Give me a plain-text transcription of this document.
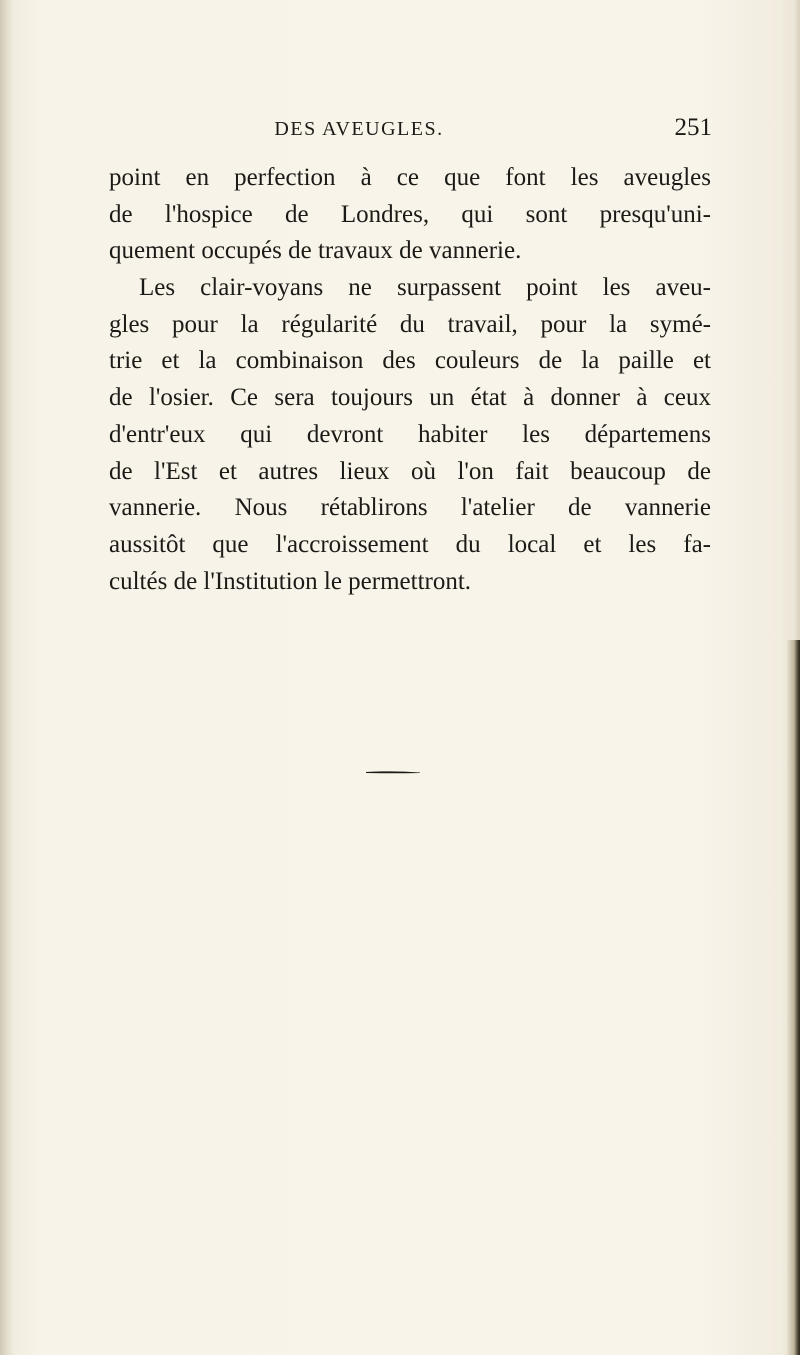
DES AVEUGLES.	251
point en perfection à ce que font les aveugles
de l'hospice de Londres, qui sont presqu'uni-
quement occupés de travaux de vannerie.
Les clair-voyans ne surpassent point les aveu-
gles pour la régularité du travail, pour la symé-
trie et la combinaison des couleurs de la paille et
de l'osier. Ce sera toujours un état à donner à ceux
d'entr'eux qui devront habiter les départemens
de l'Est et autres lieux où l'on fait beaucoup de
vannerie. Nous rétablirons l'atelier de vannerie
aussitôt que l'accroissement du local et les fa-
cultés de l'Institution le permettront.
